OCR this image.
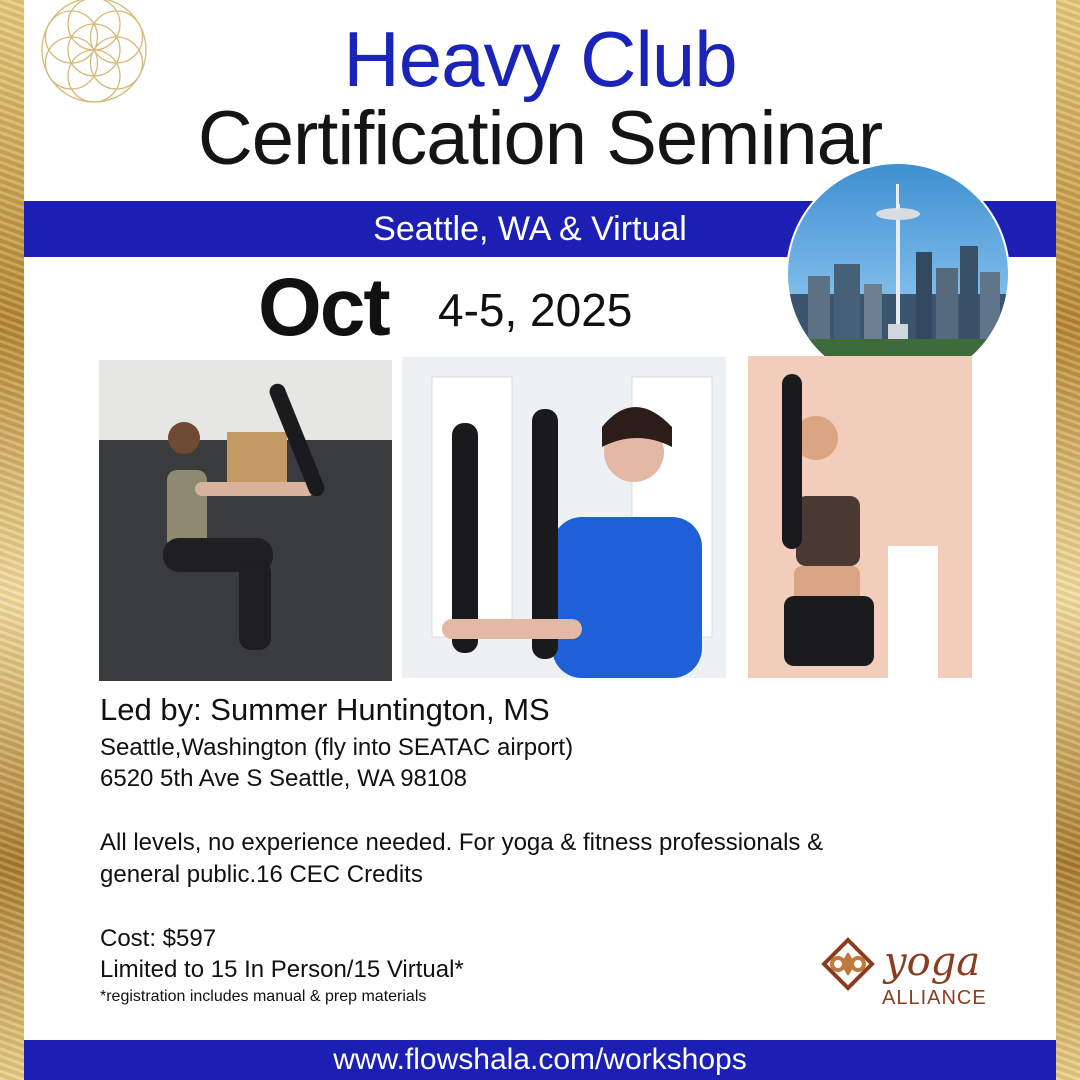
Heavy Club
Certification Seminar
Seattle, WA & Virtual
Oct 4-5, 2025
Led by: Summer Huntington, MS
Seattle,Washington (fly into SEATAC airport)
6520 5th Ave S Seattle, WA 98108
All levels, no experience needed. For yoga & fitness professionals &
general public.16 CEC Credits
Cost: $597
Limited to 15 In Person/15 Virtual*
*registration includes manual & prep materials
yoga
ALLIANCE
www.flowshala.com/workshops
